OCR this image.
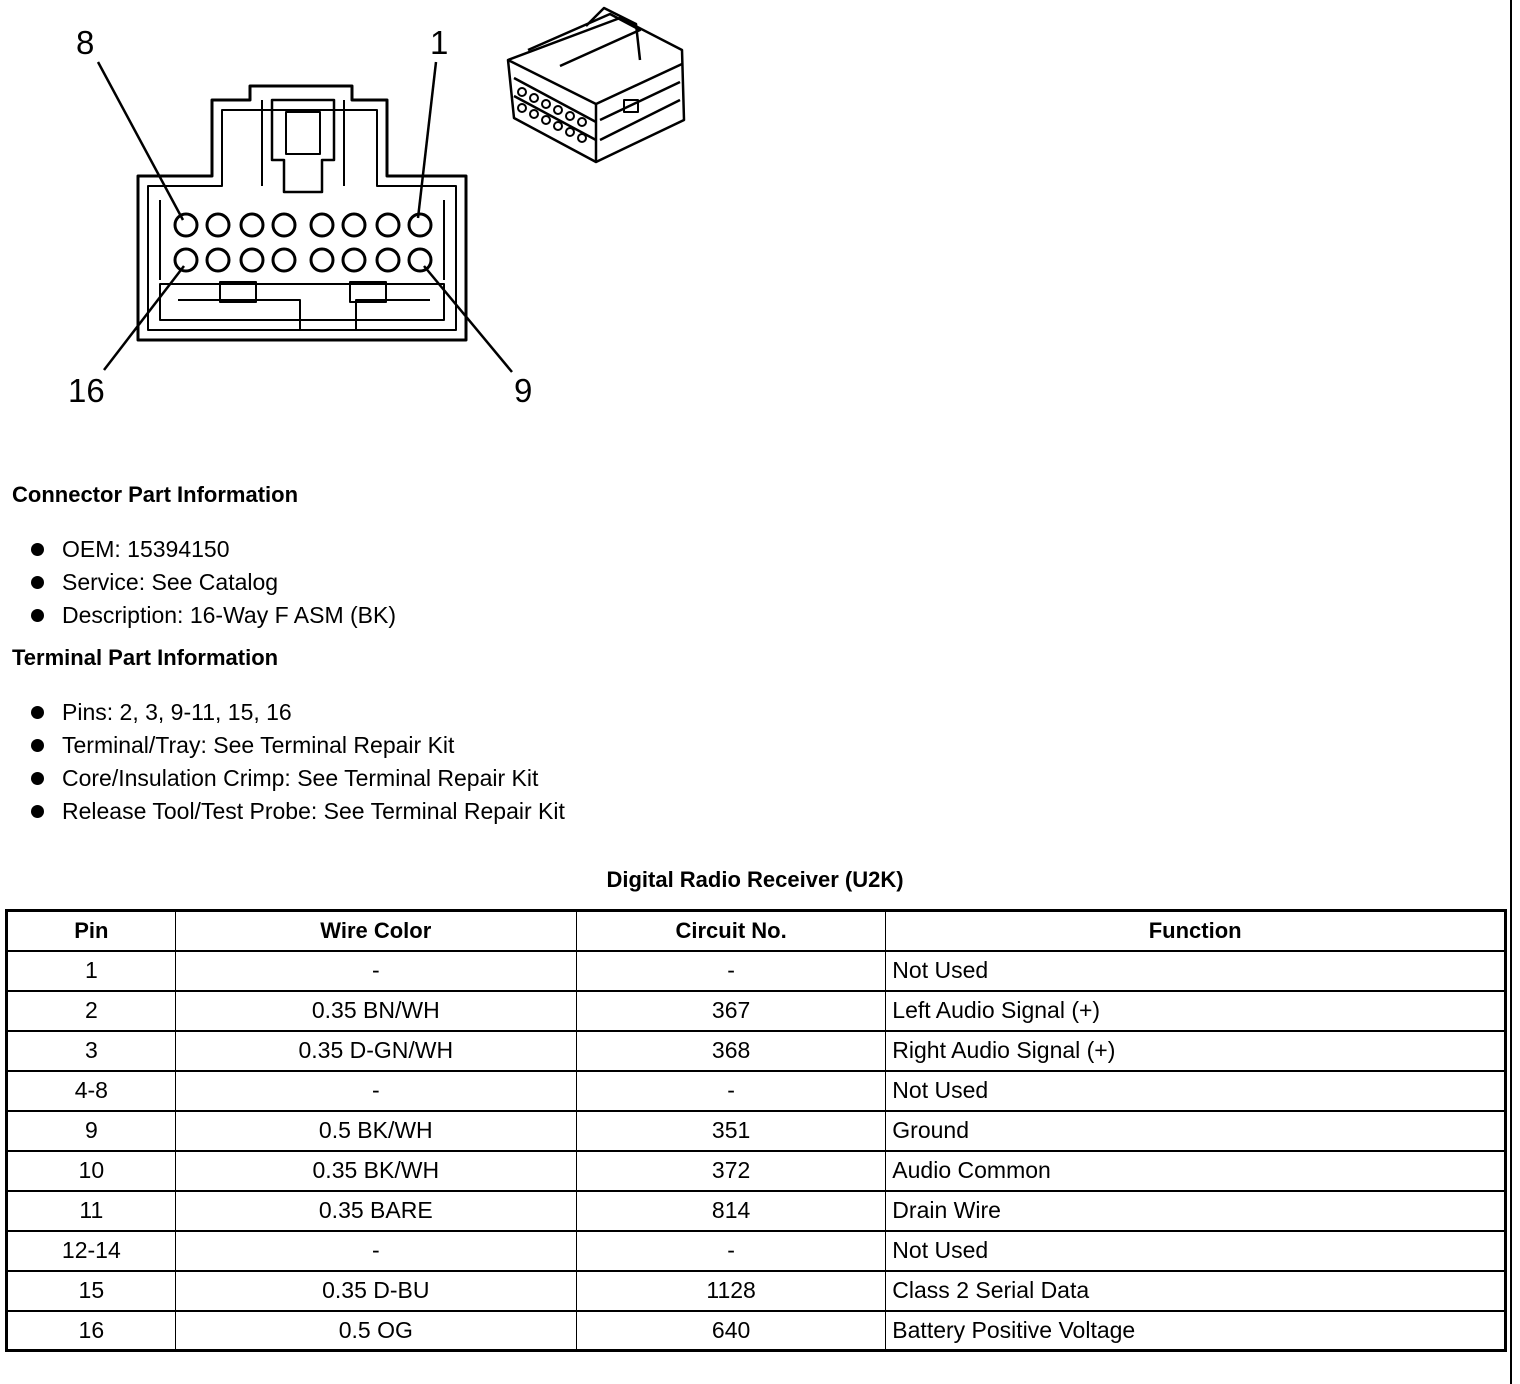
8	1
16	9
Connector Part Information
OEM: 15394150
Service: See Catalog
Description: 16-Way F ASM (BK)
Terminal Part Information
Pins: 2, 3, 9-11, 15, 16
Terminal/Tray: See Terminal Repair Kit
Core/Insulation Crimp: See Terminal Repair Kit
Release Tool/Test Probe: See Terminal Repair Kit
Digital Radio Receiver (U2K)
Pin	Wire Color	Circuit No.	Function
1	-	-	Not Used
2	0.35 BN/WH	367	Left Audio Signal (+)
3	0.35 D-GN/WH	368	Right Audio Signal (+)
4-8	-	-	Not Used
9	0.5 BK/WH	351	Ground
10	0.35 BK/WH	372	Audio Common
11	0.35 BARE	814	Drain Wire
12-14	-	-	Not Used
15	0.35 D-BU	1128	Class 2 Serial Data
16	0.5 OG	640	Battery Positive Voltage
